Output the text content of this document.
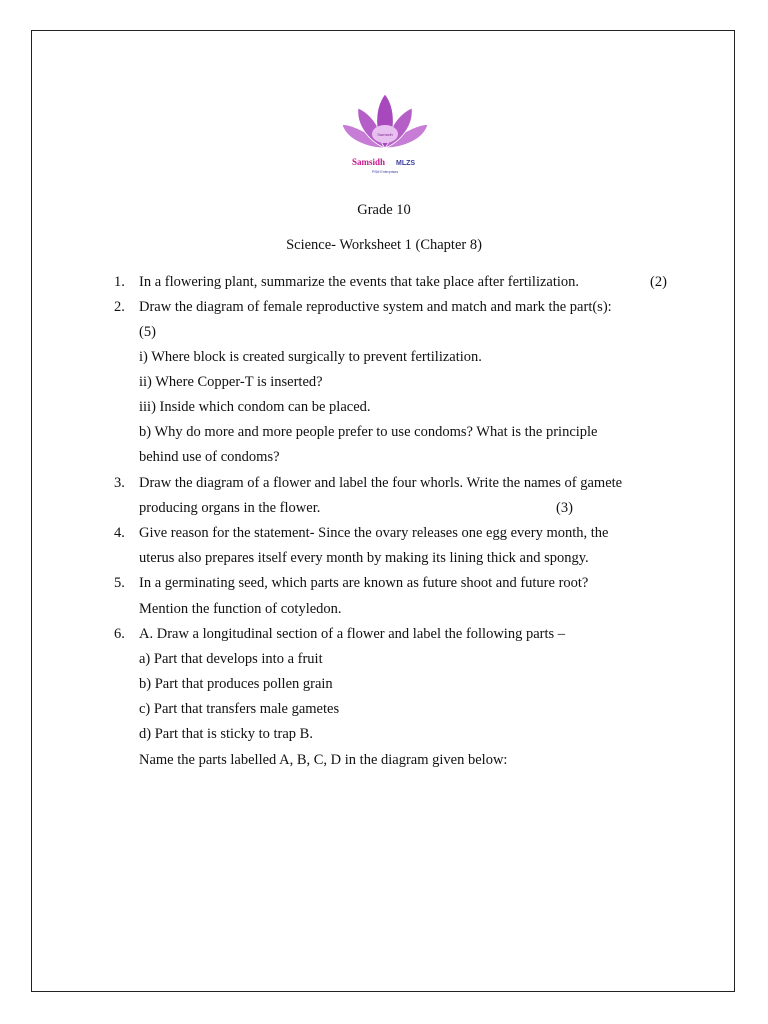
Samsidh
Samsidh MLZS
PSM Enterprises
Grade 10
Science- Worksheet 1 (Chapter 8)
1. In a flowering plant, summarize the events that take place after fertilization.	(2)
2. Draw the diagram of female reproductive system and match and mark the part(s):
(5)
i) Where block is created surgically to prevent fertilization.
ii) Where Copper-T is inserted?
iii) Inside which condom can be placed.
b) Why do more and more people prefer to use condoms? What is the principle
behind use of condoms?
3. Draw the diagram of a flower and label the four whorls. Write the names of gamete
producing organs in the flower.	(3)
4. Give reason for the statement- Since the ovary releases one egg every month, the
uterus also prepares itself every month by making its lining thick and spongy.
5. In a germinating seed, which parts are known as future shoot and future root?
Mention the function of cotyledon.
6. A. Draw a longitudinal section of a flower and label the following parts –
a) Part that develops into a fruit
b) Part that produces pollen grain
c) Part that transfers male gametes
d) Part that is sticky to trap B.
Name the parts labelled A, B, C, D in the diagram given below:
